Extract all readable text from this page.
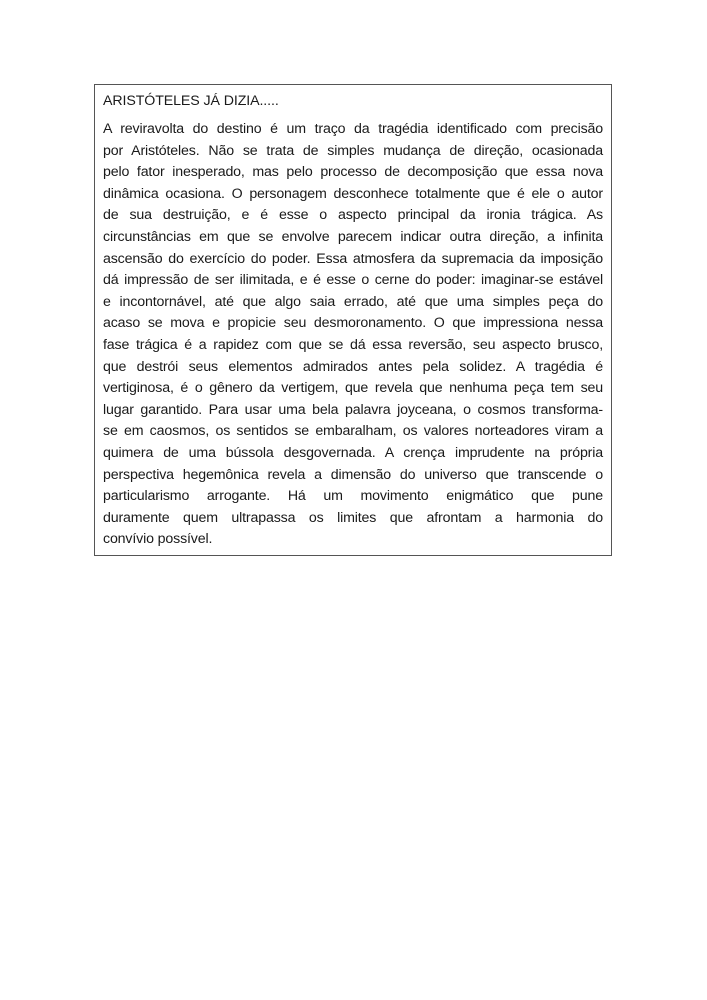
ARISTÓTELES JÁ DIZIA.....

A reviravolta do destino é um traço da tragédia identificado com precisão
por Aristóteles. Não se trata de simples mudança de direção, ocasionada
pelo fator inesperado, mas pelo processo de decomposição que essa nova
dinâmica ocasiona. O personagem desconhece totalmente que é ele o autor
de sua destruição, e é esse o aspecto principal da ironia trágica. As
circunstâncias em que se envolve parecem indicar outra direção, a infinita
ascensão do exercício do poder. Essa atmosfera da supremacia da imposição
dá impressão de ser ilimitada, e é esse o cerne do poder: imaginar-se estável
e incontornável, até que algo saia errado, até que uma simples peça do
acaso se mova e propicie seu desmoronamento. O que impressiona nessa
fase trágica é a rapidez com que se dá essa reversão, seu aspecto brusco,
que destrói seus elementos admirados antes pela solidez. A tragédia é
vertiginosa, é o gênero da vertigem, que revela que nenhuma peça tem seu
lugar garantido. Para usar uma bela palavra joyceana, o cosmos transforma-
se em caosmos, os sentidos se embaralham, os valores norteadores viram a
quimera de uma bússola desgovernada. A crença imprudente na própria
perspectiva hegemônica revela a dimensão do universo que transcende o
particularismo arrogante. Há um movimento enigmático que pune
duramente quem ultrapassa os limites que afrontam a harmonia do
convívio possível.
